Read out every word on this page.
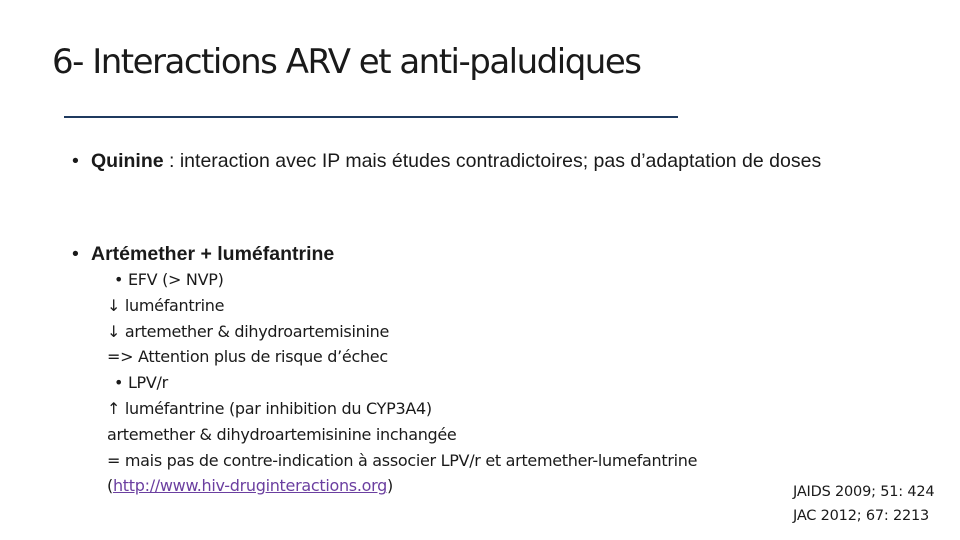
6- Interactions ARV et anti-paludiques
• Quinine : interaction avec IP mais études contradictoires; pas d’adaptation de doses
• Artémether + luméfantrine
• EFV (> NVP)
↓ luméfantrine
↓ artemether & dihydroartemisinine
=> Attention plus de risque d’échec
• LPV/r
↑ luméfantrine (par inhibition du CYP3A4)
artemether & dihydroartemisinine inchangée
= mais pas de contre-indication à associer LPV/r et artemether-lumefantrine
(http://www.hiv-druginteractions.org)	JAIDS 2009; 51: 424
JAC 2012; 67: 2213
